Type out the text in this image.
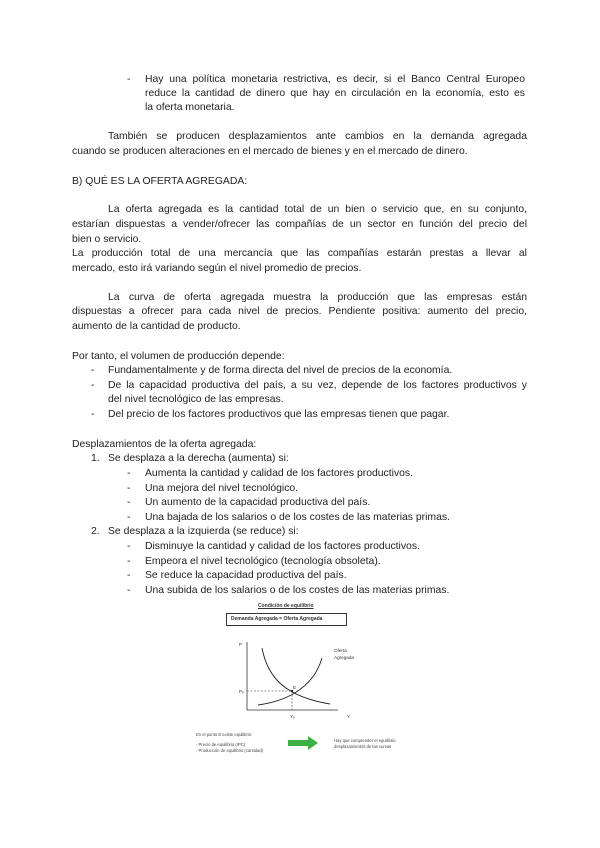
- Hay una política monetaria restrictiva, es decir, si el Banco Central Europeo
reduce la cantidad de dinero que hay en circulación en la economía, esto es
la oferta monetaria.
También se producen desplazamientos ante cambios en la demanda agregada
cuando se producen alteraciones en el mercado de bienes y en el mercado de dinero.
B) QUÉ ES LA OFERTA AGREGADA:
La oferta agregada es la cantidad total de un bien o servicio que, en su conjunto,
estarían dispuestas a vender/ofrecer las compañías de un sector en función del precio del
bien o servicio.
La producción total de una mercancía que las compañías estarán prestas a llevar al
mercado, esto irá variando según el nivel promedio de precios.
La curva de oferta agregada muestra la producción que las empresas están
dispuestas a ofrecer para cada nivel de precios. Pendiente positiva: aumento del precio,
aumento de la cantidad de producto.
Por tanto, el volumen de producción depende:
- Fundamentalmente y de forma directa del nivel de precios de la economía.
- De la capacidad productiva del país, a su vez, depende de los factores productivos y
del nivel tecnológico de las empresas.
- Del precio de los factores productivos que las empresas tienen que pagar.
Desplazamientos de la oferta agregada:
1. Se desplaza a la derecha (aumenta) si:
- Aumenta la cantidad y calidad de los factores productivos.
- Una mejora del nivel tecnológico.
- Un aumento de la capacidad productiva del país.
- Una bajada de los salarios o de los costes de las materias primas.
2. Se desplaza a la izquierda (se reduce) si:
- Disminuye la cantidad y calidad de los factores productivos.
- Empeora el nivel tecnológico (tecnología obsoleta).
- Se reduce la capacidad productiva del país.
- Una subida de los salarios o de los costes de las materias primas.
Condición de equilibrio
Demanda Agregada = Oferta Agregada
P
Pₑ
E
Yₑ	Y
Oferta
Agregada
En el punto E existe equilibrio:
- Precio de equilibrio (IPC)
- Producción de equilibrio (cantidad)
Hay que comprender el equilibrio
desplazamientos de las curvas
